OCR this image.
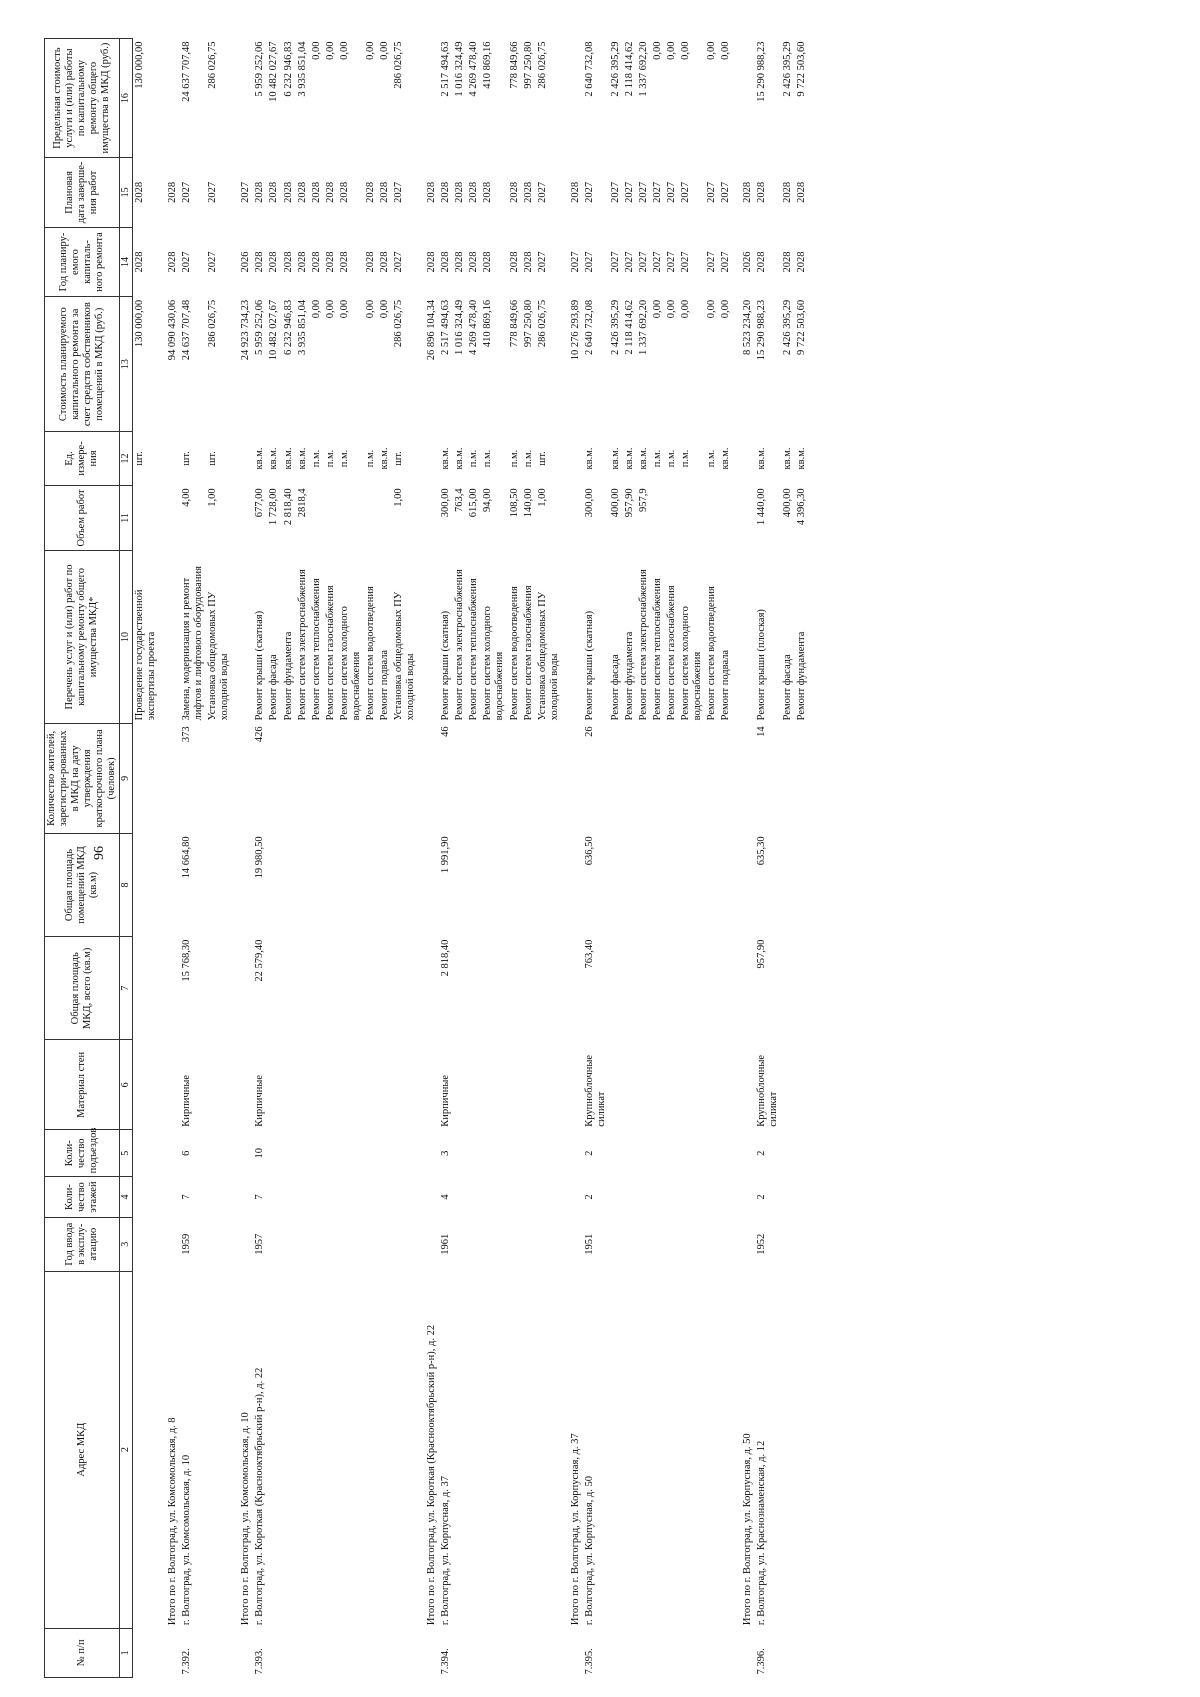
96
№ п/п	Адрес МКД	Год ввода в эксплу-атацию	Коли-чество этажей	Коли-чество подъездов	Материал стен	Общая площадь МКД, всего (кв.м)	Общая площадь помещений МКД (кв.м)	Количество жителей, зарегистри-рованных в МКД на дату утверждения краткосрочного плана (человек)	Перечень услуг и (или) работ по капитальному ремонту общего имущества МКД*	Объем работ	Ед. измере-ния	Стоимость планируемого капитального ремонта за счет средств собственников помещений в МКД (руб.)	Год планиру-емого капиталь-ного ремонта	Плановая дата заверше-ния работ	Предельная стоимость услуги и (или) работы по капитальному ремонту общего имущества в МКД (руб.)
1	2	3	4	5	6	7	8	9	10	11	12	13	14	15	16
									Проведение государственной экспертизы проекта		шт.	130 000,00	2028	2028	130 000,00
	Итого по г. Волгоград, ул. Комсомольская, д. 8											94 090 430,06	2028	2028	
7.392.	г. Волгоград, ул. Комсомольская, д. 10	1959	7	6	Кирпичные	15 768,30	14 664,80	373	Замена, модернизация и ремонт лифтов и лифтового оборудования	4,00	шт.	24 637 707,48	2027	2027	24 637 707,48
									Установка общедомовых ПУ холодной воды	1,00	шт.	286 026,75	2027	2027	286 026,75
	Итого по г. Волгоград, ул. Комсомольская, д. 10											24 923 734,23	2026	2027	
7.393.	г. Волгоград, ул. Короткая (Краснооктябрьский р-н), д. 22	1957	7	10	Кирпичные	22 579,40	19 980,50	426	Ремонт крыши (скатная)	677,00	кв.м.	5 959 252,06	2028	2028	5 959 252,06
									Ремонт фасада	1 728,00	кв.м.	10 482 027,67	2028	2028	10 482 027,67
									Ремонт фундамента	2 818,40	кв.м.	6 232 946,83	2028	2028	6 232 946,83
									Ремонт систем электроснабжения	2818,4	кв.м.	3 935 851,04	2028	2028	3 935 851,04
									Ремонт систем теплоснабжения		п.м.	0,00	2028	2028	0,00
									Ремонт систем газоснабжения		п.м.	0,00	2028	2028	0,00
									Ремонт систем холодного водоснабжения		п.м.	0,00	2028	2028	0,00
									Ремонт систем водоотведения		п.м.	0,00	2028	2028	0,00
									Ремонт подвала		кв.м.	0,00	2028	2028	0,00
									Установка общедомовых ПУ холодной воды	1,00	шт.	286 026,75	2027	2027	286 026,75
	Итого по г. Волгоград, ул. Короткая (Краснооктябрьский р-н), д. 22											26 896 104,34	2028	2028	
7.394.	г. Волгоград, ул. Корпусная, д. 37	1961	4	3	Кирпичные	2 818,40	1 991,90	46	Ремонт крыши (скатная)	300,00	кв.м.	2 517 494,63	2028	2028	2 517 494,63
									Ремонт систем электроснабжения	763,4	кв.м.	1 016 324,49	2028	2028	1 016 324,49
									Ремонт систем теплоснабжения	615,00	п.м.	4 269 478,40	2028	2028	4 269 478,40
									Ремонт систем холодного водоснабжения	94,00	п.м.	410 869,16	2028	2028	410 869,16
									Ремонт систем водоотведения	108,50	п.м.	778 849,66	2028	2028	778 849,66
									Ремонт систем газоснабжения	140,00	п.м.	997 250,80	2028	2028	997 250,80
									Установка общедомовых ПУ холодной воды	1,00	шт.	286 026,75	2027	2027	286 026,75
	Итого по г. Волгоград, ул. Корпусная, д. 37											10 276 293,89	2027	2028	
7.395.	г. Волгоград, ул. Корпусная, д. 50	1951	2	2	Крупноблочные силикат	763,40	636,50	26	Ремонт крыши (скатная)	300,00	кв.м.	2 640 732,08	2027	2027	2 640 732,08
									Ремонт фасада	400,00	кв.м.	2 426 395,29	2027	2027	2 426 395,29
									Ремонт фундамента	957,90	кв.м.	2 118 414,62	2027	2027	2 118 414,62
									Ремонт систем электроснабжения	957,9	кв.м.	1 337 692,20	2027	2027	1 337 692,20
									Ремонт систем теплоснабжения		п.м.	0,00	2027	2027	0,00
									Ремонт систем газоснабжения		п.м.	0,00	2027	2027	0,00
									Ремонт систем холодного водоснабжения		п.м.	0,00	2027	2027	0,00
									Ремонт систем водоотведения		п.м.	0,00	2027	2027	0,00
									Ремонт подвала		кв.м.	0,00	2027	2027	0,00
	Итого по г. Волгоград, ул. Корпусная, д. 50											8 523 234,20	2026	2028	
7.396.	г. Волгоград, ул. Краснознаменская, д. 12	1952	2	2	Крупноблочные силикат	957,90	635,30	14	Ремонт крыши (плоская)	1 440,00	кв.м.	15 290 988,23	2028	2028	15 290 988,23
									Ремонт фасада	400,00	кв.м.	2 426 395,29	2028	2028	2 426 395,29
									Ремонт фундамента	4 396,30	кв.м.	9 722 503,60	2028	2028	9 722 503,60
